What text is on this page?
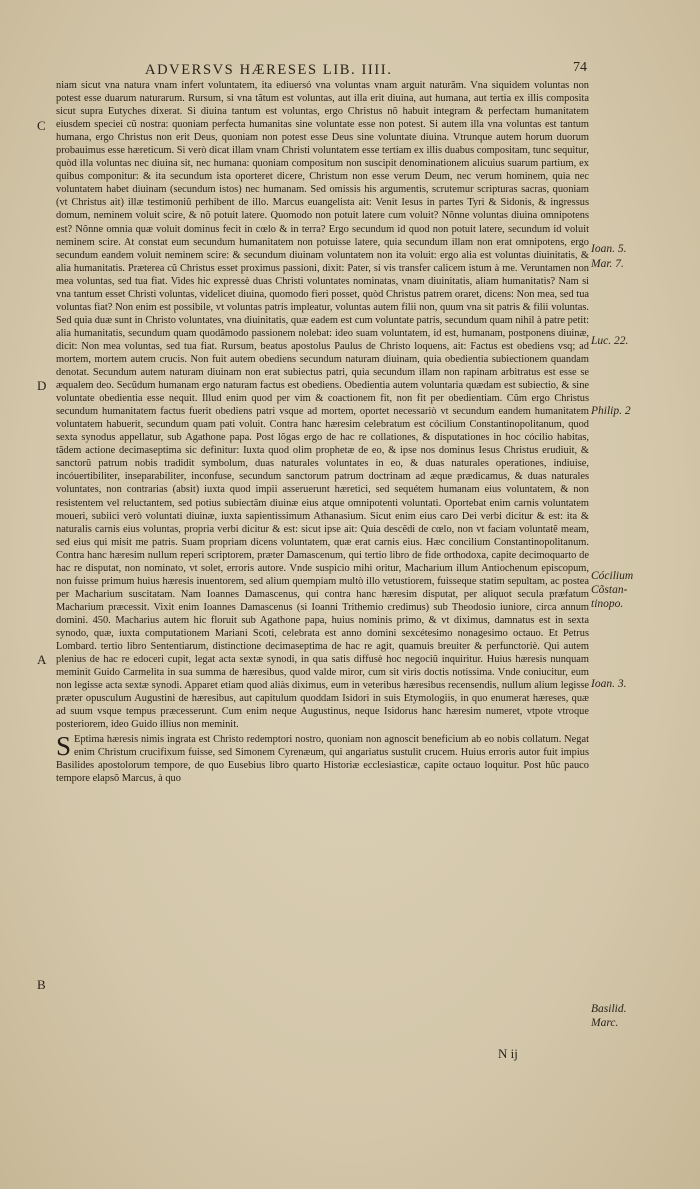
ADVERSVS HÆRESES LIB. IIII.	74
C
D
A
B
Ioan. 5.
Mar. 7.
Luc. 22.
Philip. 2
Cócilium
Cõstan-
tinopo.
Ioan. 3.
Basilid.
Marc.

niam sicut vna natura vnam infert voluntatem, ita ediuersó vna voluntas vnam arguit naturãm. Vna siquidem voluntas non potest esse duarum naturarum. Rursum, si vna tãtum est voluntas, aut illa erit diuina, aut humana, aut tertia ex illis composita sicut supra Eutyches dixerat. Si diuina tantum est voluntas, ergo Christus nõ habuit integram & perfectam humanitatem eiusdem speciei cũ nostra: quoniam perfecta humanitas sine voluntate esse non potest. Si autem illa vna voluntas est tantum humana, ergo Christus non erit Deus, quoniam non potest esse Deus sine voluntate diuina. Vtrunque autem horum duorum probauimus esse hæreticum. Si verò dicat illam vnam Christi voluntatem esse tertiam ex illis duabus compositam, tunc sequitur, quòd illa voluntas nec diuina sit, nec humana: quoniam compositum non suscipit denominationem alicuius suarum partium, ex quibus componitur: & ita secundum ista oporteret dicere, Christum non esse verum Deum, nec verum hominem, quia nec voluntatem habet diuinam (secundum istos) nec humanam. Sed omissis his argumentis, scrutemur scripturas sacras, quoniam (vt Christus ait) illæ testimoniũ perhibent de illo. Marcus euangelista ait: Venit Iesus in partes Tyri & Sidonis, & ingressus domum, neminem voluit scire, & nõ potuit latere. Quomodo non potuit latere cum voluit? Nõnne voluntas diuina omnipotens est? Nõnne omnia quæ voluit dominus fecit in cœlo & in terra? Ergo secundum id quod non potuit latere, secundum id voluit neminem scire. At constat eum secundum humanitatem non potuisse latere, quia secundum illam non erat omnipotens, ergo secundum eandem voluit neminem scire: & secundum diuinam voluntatem non ita voluit: ergo alia est voluntas diuinitatis, & alia humanitatis. Præterea cũ Christus esset proximus passioni, dixit: Pater, si vis transfer calicem istum à me. Veruntamen non mea voluntas, sed tua fiat. Vides hic expressè duas Christi voluntates nominatas, vnam diuinitatis, aliam humanitatis? Nam si vna tantum esset Christi voluntas, videlicet diuina, quomodo fieri posset, quòd Christus patrem oraret, dicens: Non mea, sed tua voluntas fiat? Non enim est possibile, vt voluntas patris impleatur, voluntas autem filii non, quum vna sit patris & filii voluntas. Sed quia duæ sunt in Christo voluntates, vna diuinitatis, quæ eadem est cum voluntate patris, secundum quam nihil à patre petit: alia humanitatis, secundum quam quodãmodo passionem nolebat: ideo suam voluntatem, id est, humanam, postponens diuinæ, dicit: Non mea voluntas, sed tua fiat. Rursum, beatus apostolus Paulus de Christo loquens, ait: Factus est obediens vsq; ad mortem, mortem autem crucis. Non fuit autem obediens secundum naturam diuinam, quia obedientia subiectionem quandam denotat. Secundum autem naturam diuinam non erat subiectus patri, quia secundum illam non rapinam arbitratus est esse se æqualem deo. Secũdum humanam ergo naturam factus est obediens. Obedientia autem voluntaria quædam est subiectio, & sine voluntate obedientia esse nequit. Illud enim quod per vim & coactionem fit, non fit per obedientiam. Cũm ergo Christus secundum humanitatem factus fuerit obediens patri vsque ad mortem, oportet necessariò vt secundum eandem humanitatem voluntatem habuerit, secundum quam pati voluit. Contra hanc hæresim celebratum est cócilium Constantinopolitanum, quod sexta synodus appellatur, sub Agathone papa. Post lõgas ergo de hac re collationes, & disputationes in hoc cócilio habitas, tãdem actione decimaseptima sic definitur: Iuxta quod olim prophetæ de eo, & ipse nos dominus Iesus Christus erudiuit, & sanctorũ patrum nobis tradidit symbolum, duas naturales voluntates in eo, & duas naturales operationes, indiuise, incóuertibiliter, inseparabiliter, inconfuse, secundum sanctorum patrum doctrinam ad æque prædicamus, & duas naturales voluntates, non contrarias (absit) iuxta quod impii asseruerunt hæretici, sed sequétem humanam eius voluntatem, & non resistentem vel reluctantem, sed potius subiectãm diuinæ eius atque omnipotenti voluntati. Oportebat enim carnis voluntatem moueri, subiici verò voluntati diuinæ, iuxta sapientissimum Athanasium. Sicut enim eius caro Dei verbi dicitur & est: ita & naturalis carnis eius voluntas, propria verbi dicitur & est: sicut ipse ait: Quia descẽdi de cœlo, non vt faciam voluntatẽ meam, sed eius qui misit me patris. Suam propriam dicens voluntatem, quæ erat carnis eius. Hæc concilium Constantinopolitanum. Contra hanc hæresim nullum reperi scriptorem, præter Damascenum, qui tertio libro de fide orthodoxa, capite decimoquarto de hac re disputat, non nominato, vt solet, erroris autore. Vnde suspicio mihi oritur, Macharium illum Antiochenum episcopum, non fuisse primum huius hæresis inuentorem, sed alium quempiam multò illo vetustiorem, fuisseque statim sepultam, ac postea per Macharium suscitatam. Nam Ioannes Damascenus, qui contra hanc hæresim disputat, per aliquot secula præfatum Macharium præcessit. Vixit enim Ioannes Damascenus (si Ioanni Trithemio credimus) sub Theodosio iuniore, circa annum domini. 450. Macharius autem hic floruit sub Agathone papa, huius nominis primo, & vt diximus, damnatus est in sexta synodo, quæ, iuxta computationem Mariani Scoti, celebrata est anno domini sexcétesimo nonagesimo octauo. Et Petrus Lombard. tertio libro Sententiarum, distinctione decimaseptima de hac re agit, quamuis breuiter & perfunctoriè. Qui autem plenius de hac re edoceri cupit, legat acta sextæ synodi, in qua satis diffusè hoc negociũ inquiritur. Huius hæresis nunquam meminit Guido Carmelita in sua summa de hæresibus, quod valde miror, cum sit viris doctis notissima. Vnde coniucitur, eum non legisse acta sextæ synodi. Apparet etiam quod aliàs diximus, eum in veteribus hæresibus recensendis, nullum alium legisse præter opusculum Augustini de hæresibus, aut capitulum quoddam Isidori in suis Etymologiis, in quo enumerat hæreses, quæ ad suum vsque tempus præcesserunt. Cum enim neque Augustinus, neque Isidorus hanc hæresim numeret, vtpote vtroque posteriorem, ideo Guido illius non meminit.

S Eptima hæresis nimis ingrata est Christo redemptori nostro, quoniam non agnoscit beneficium ab eo nobis collatum. Negat enim Christum crucifixum fuisse, sed Simonem Cyrenæum, qui angariatus sustulit crucem. Huius erroris autor fuit impius Basilides apostolorum tempore, de quo Eusebius libro quarto Historiæ ecclesiasticæ, capite octauo loquitur. Post hũc pauco tempore elapsõ Marcus, à quo

N ij
